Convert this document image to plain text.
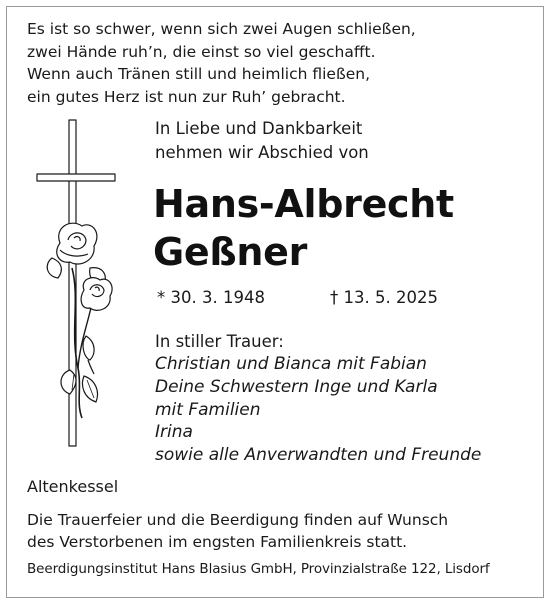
Es ist so schwer, wenn sich zwei Augen schließen,
zwei Hände ruh’n, die einst so viel geschafft.
Wenn auch Tränen still und heimlich fließen,
ein gutes Herz ist nun zur Ruh’ gebracht.
In Liebe und Dankbarkeit
nehmen wir Abschied von
Hans-Albrecht
Geßner
* 30. 3. 1948	† 13. 5. 2025
In stiller Trauer:
Christian und Bianca mit Fabian
Deine Schwestern Inge und Karla
mit Familien
Irina
sowie alle Anverwandten und Freunde
Altenkessel
Die Trauerfeier und die Beerdigung finden auf Wunsch
des Verstorbenen im engsten Familienkreis statt.
Beerdigungsinstitut Hans Blasius GmbH, Provinzialstraße 122, Lisdorf
